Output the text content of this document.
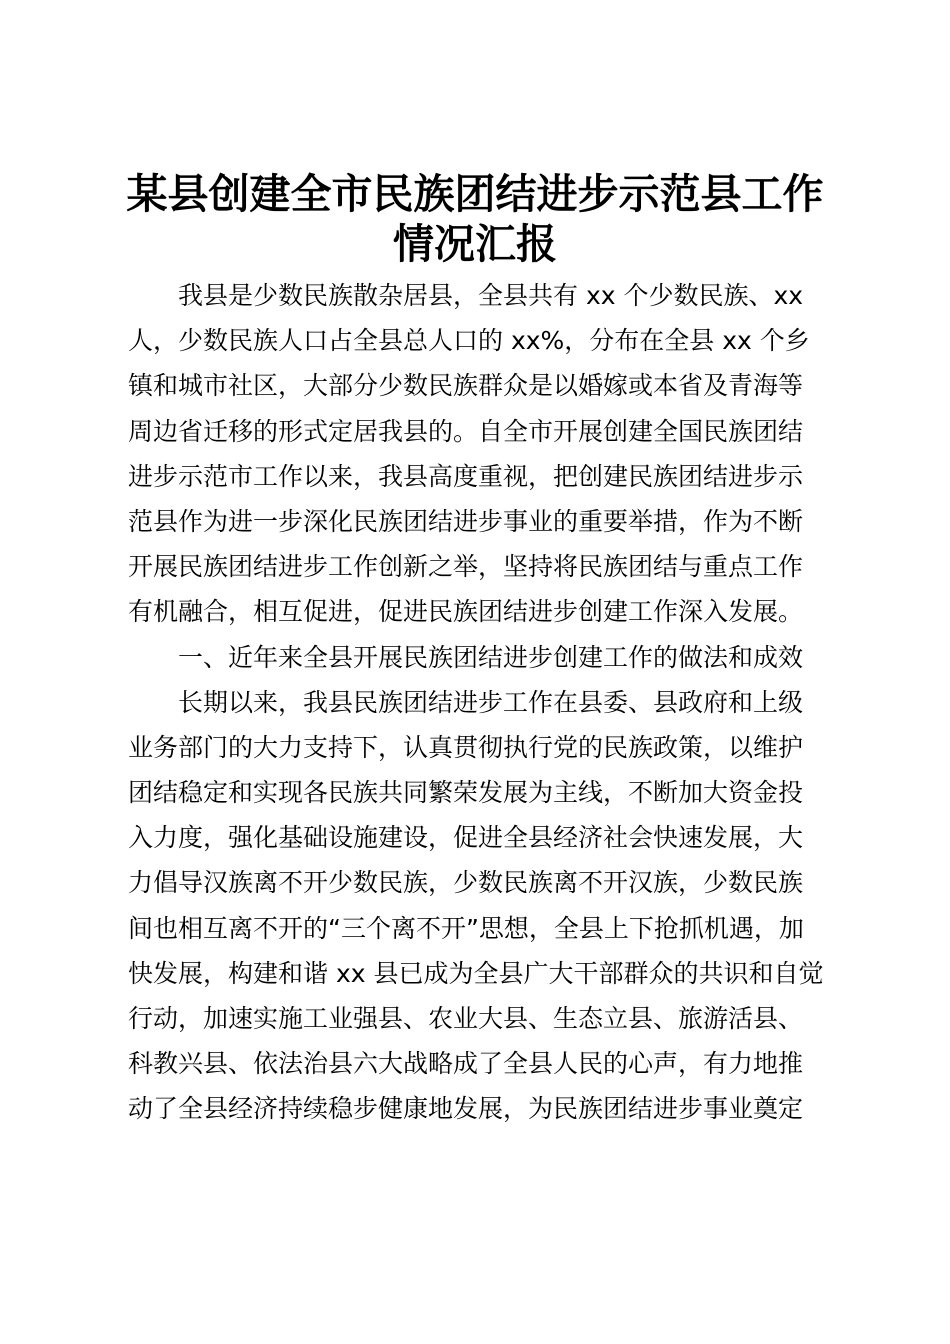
某县创建全市民族团结进步示范县工作
情况汇报
我县是少数民族散杂居县，全县共有 xx 个少数民族、xx
人，少数民族人口占全县总人口的 xx%，分布在全县 xx 个乡
镇和城市社区，大部分少数民族群众是以婚嫁或本省及青海等
周边省迁移的形式定居我县的。自全市开展创建全国民族团结
进步示范市工作以来，我县高度重视，把创建民族团结进步示
范县作为进一步深化民族团结进步事业的重要举措，作为不断
开展民族团结进步工作创新之举，坚持将民族团结与重点工作
有机融合，相互促进，促进民族团结进步创建工作深入发展。
一、近年来全县开展民族团结进步创建工作的做法和成效
长期以来，我县民族团结进步工作在县委、县政府和上级
业务部门的大力支持下，认真贯彻执行党的民族政策，以维护
团结稳定和实现各民族共同繁荣发展为主线，不断加大资金投
入力度，强化基础设施建设，促进全县经济社会快速发展，大
力倡导汉族离不开少数民族，少数民族离不开汉族，少数民族
间也相互离不开的“三个离不开”思想，全县上下抢抓机遇，加
快发展，构建和谐 xx 县已成为全县广大干部群众的共识和自觉
行动，加速实施工业强县、农业大县、生态立县、旅游活县、
科教兴县、依法治县六大战略成了全县人民的心声，有力地推
动了全县经济持续稳步健康地发展，为民族团结进步事业奠定
